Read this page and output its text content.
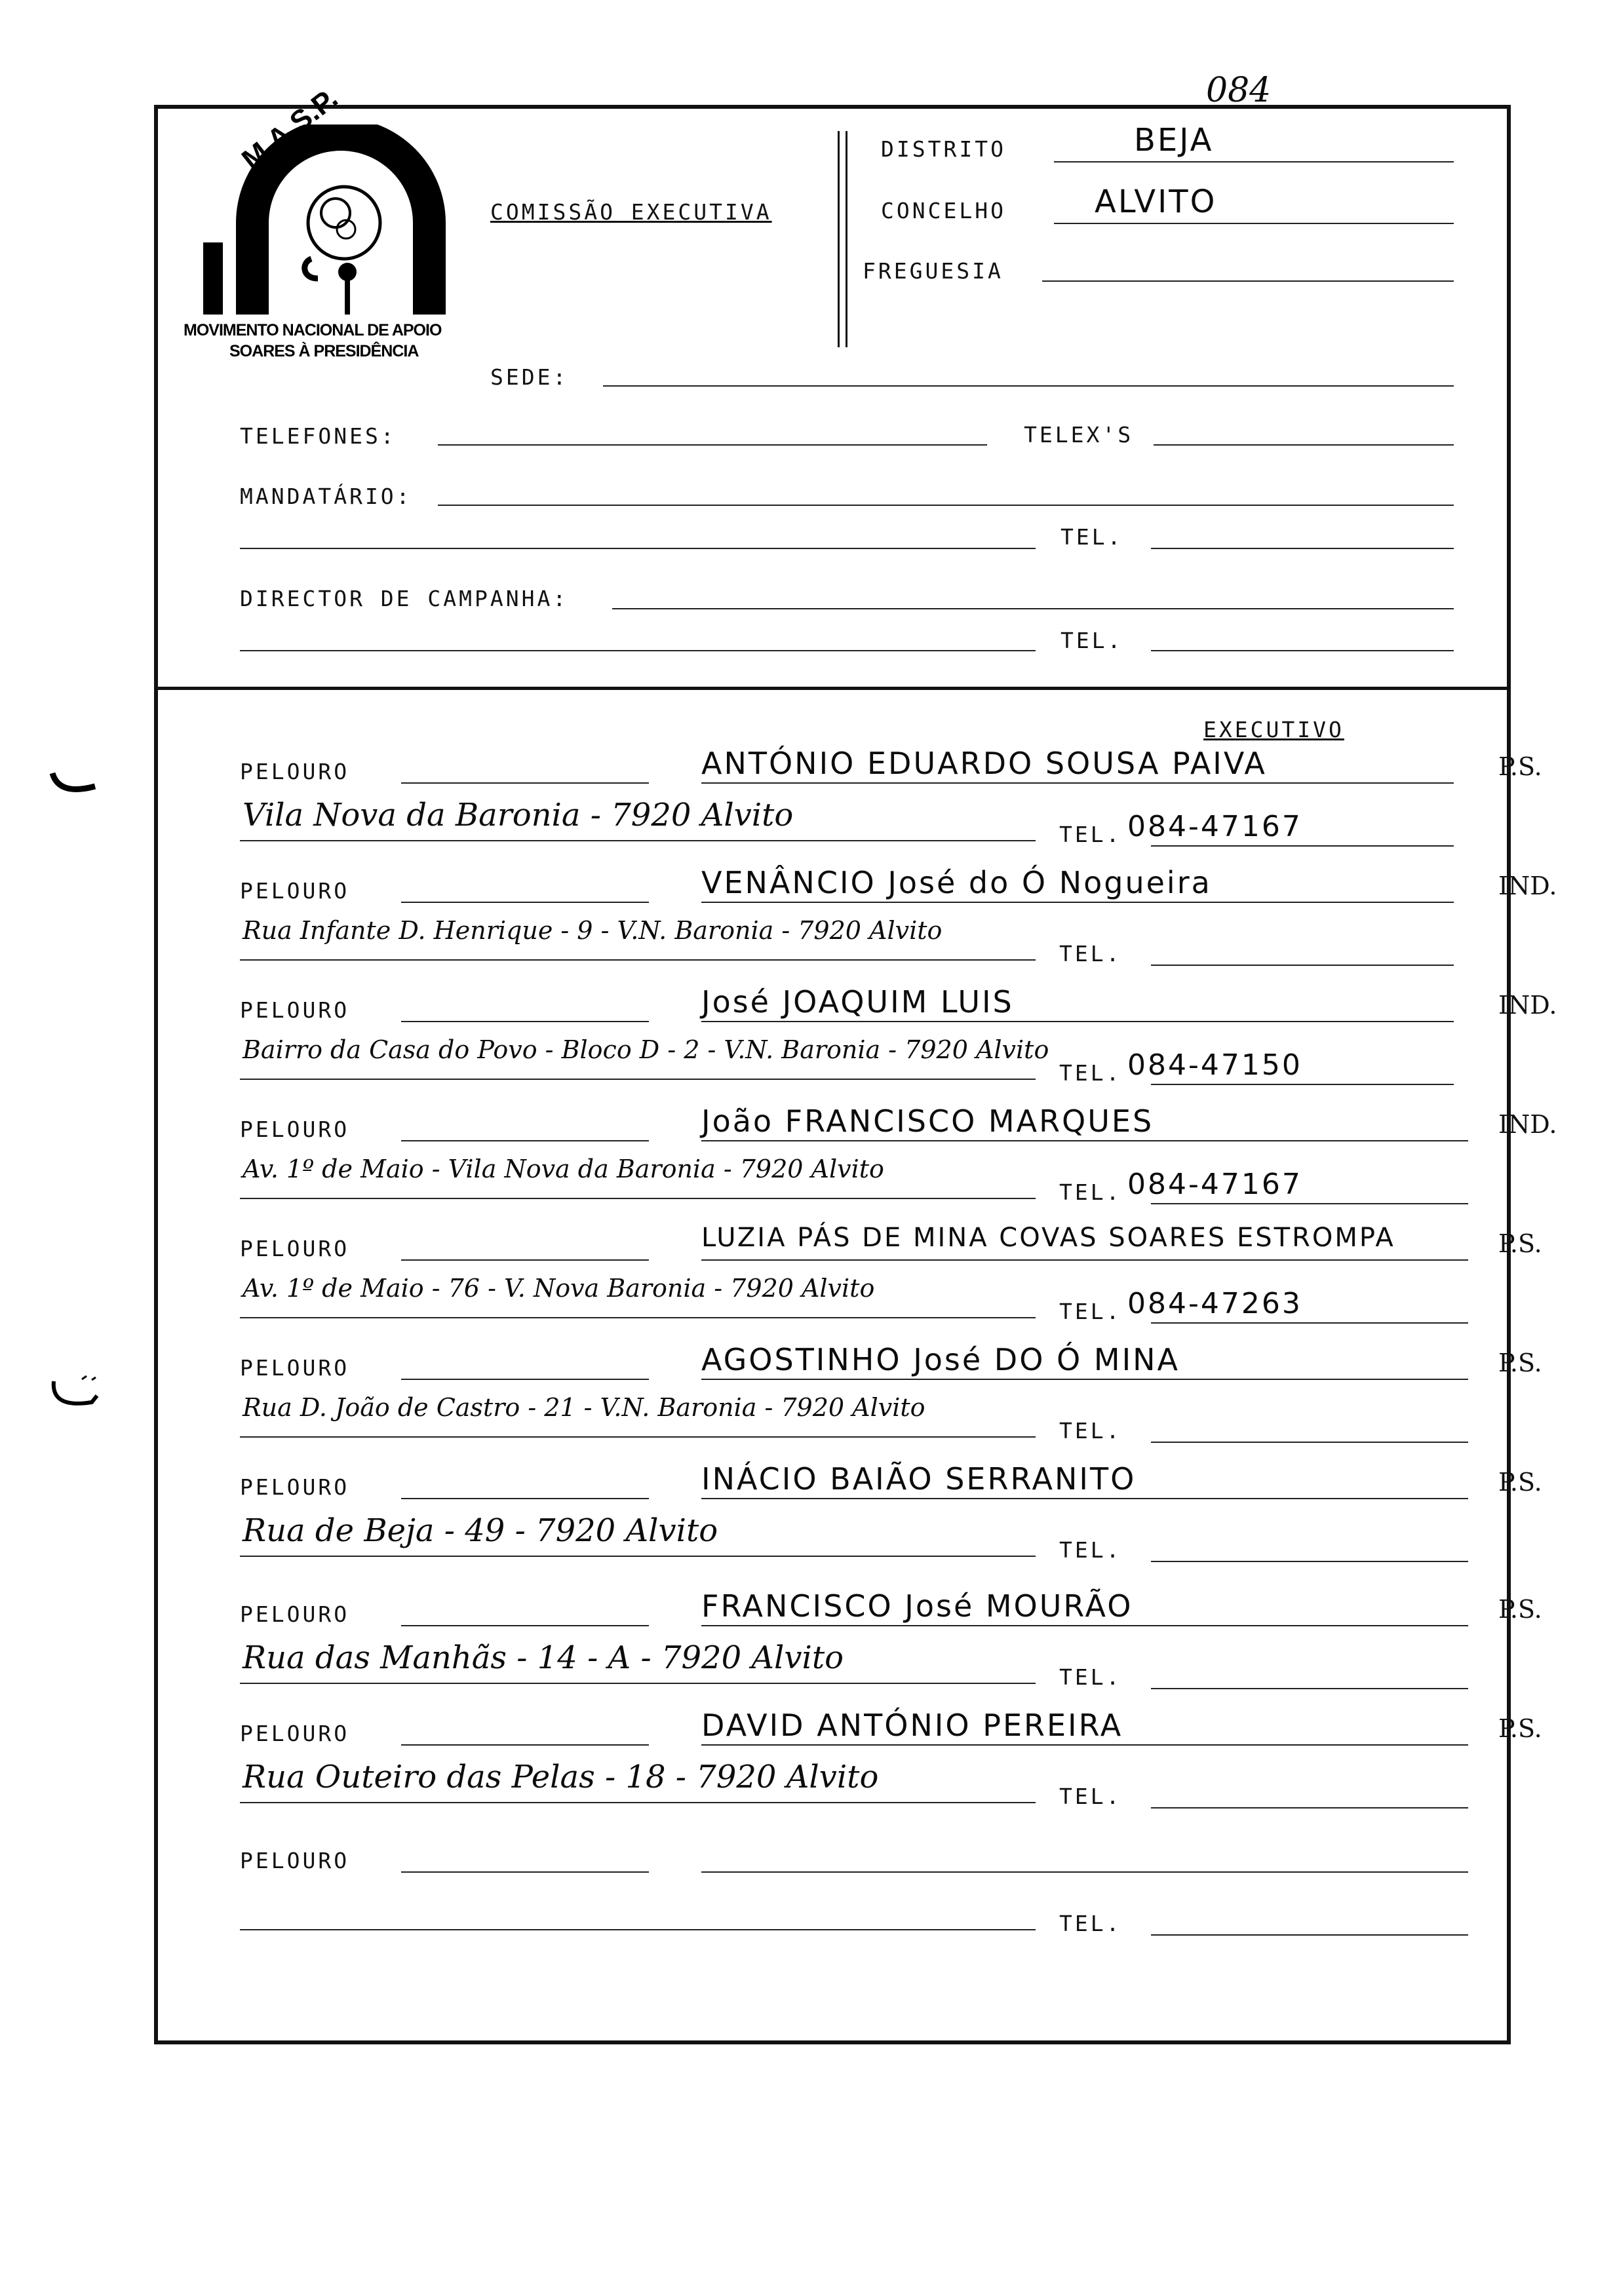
084
M.A.S.P.
MOVIMENTO NACIONAL DE APOIO
SOARES À PRESIDÊNCIA
COMISSÃO EXECUTIVA
DISTRITO	BEJA
CONCELHO	ALVITO
FREGUESIA
SEDE:
TELEFONES:	TELEX'S
MANDATÁRIO:
TEL.
DIRECTOR DE CAMPANHA:
TEL.
EXECUTIVO
PELOURO	ANTÓNIO EDUARDO SOUSA PAIVA
Vila Nova da Baronia - 7920 Alvito
TEL. 084-47167
P.S.
PELOURO	VENÂNCIO José do Ó Nogueira
Rua Infante D. Henrique - 9 - V.N. Baronia - 7920 Alvito
TEL.
IND.
PELOURO	José JOAQUIM LUIS
Bairro da Casa do Povo - Bloco D - 2 - V.N. Baronia - 7920 Alvito
TEL. 084-47150
IND.
PELOURO	João FRANCISCO MARQUES
Av. 1º de Maio - Vila Nova da Baronia - 7920 Alvito
TEL. 084-47167
IND.
PELOURO	LUZIA PÁS DE MINA COVAS SOARES ESTROMPA
Av. 1º de Maio - 76 - V. Nova Baronia - 7920 Alvito
TEL. 084-47263
P.S.
PELOURO	AGOSTINHO José DO Ó MINA
Rua D. João de Castro - 21 - V.N. Baronia - 7920 Alvito
TEL.
P.S.
PELOURO	INÁCIO BAIÃO SERRANITO
Rua de Beja - 49 - 7920 Alvito
TEL.
P.S.
PELOURO	FRANCISCO José MOURÃO
Rua das Manhãs - 14 - A - 7920 Alvito
TEL.
P.S.
PELOURO	DAVID ANTÓNIO PEREIRA
Rua Outeiro das Pelas - 18 - 7920 Alvito
TEL.
P.S.
PELOURO
TEL.
